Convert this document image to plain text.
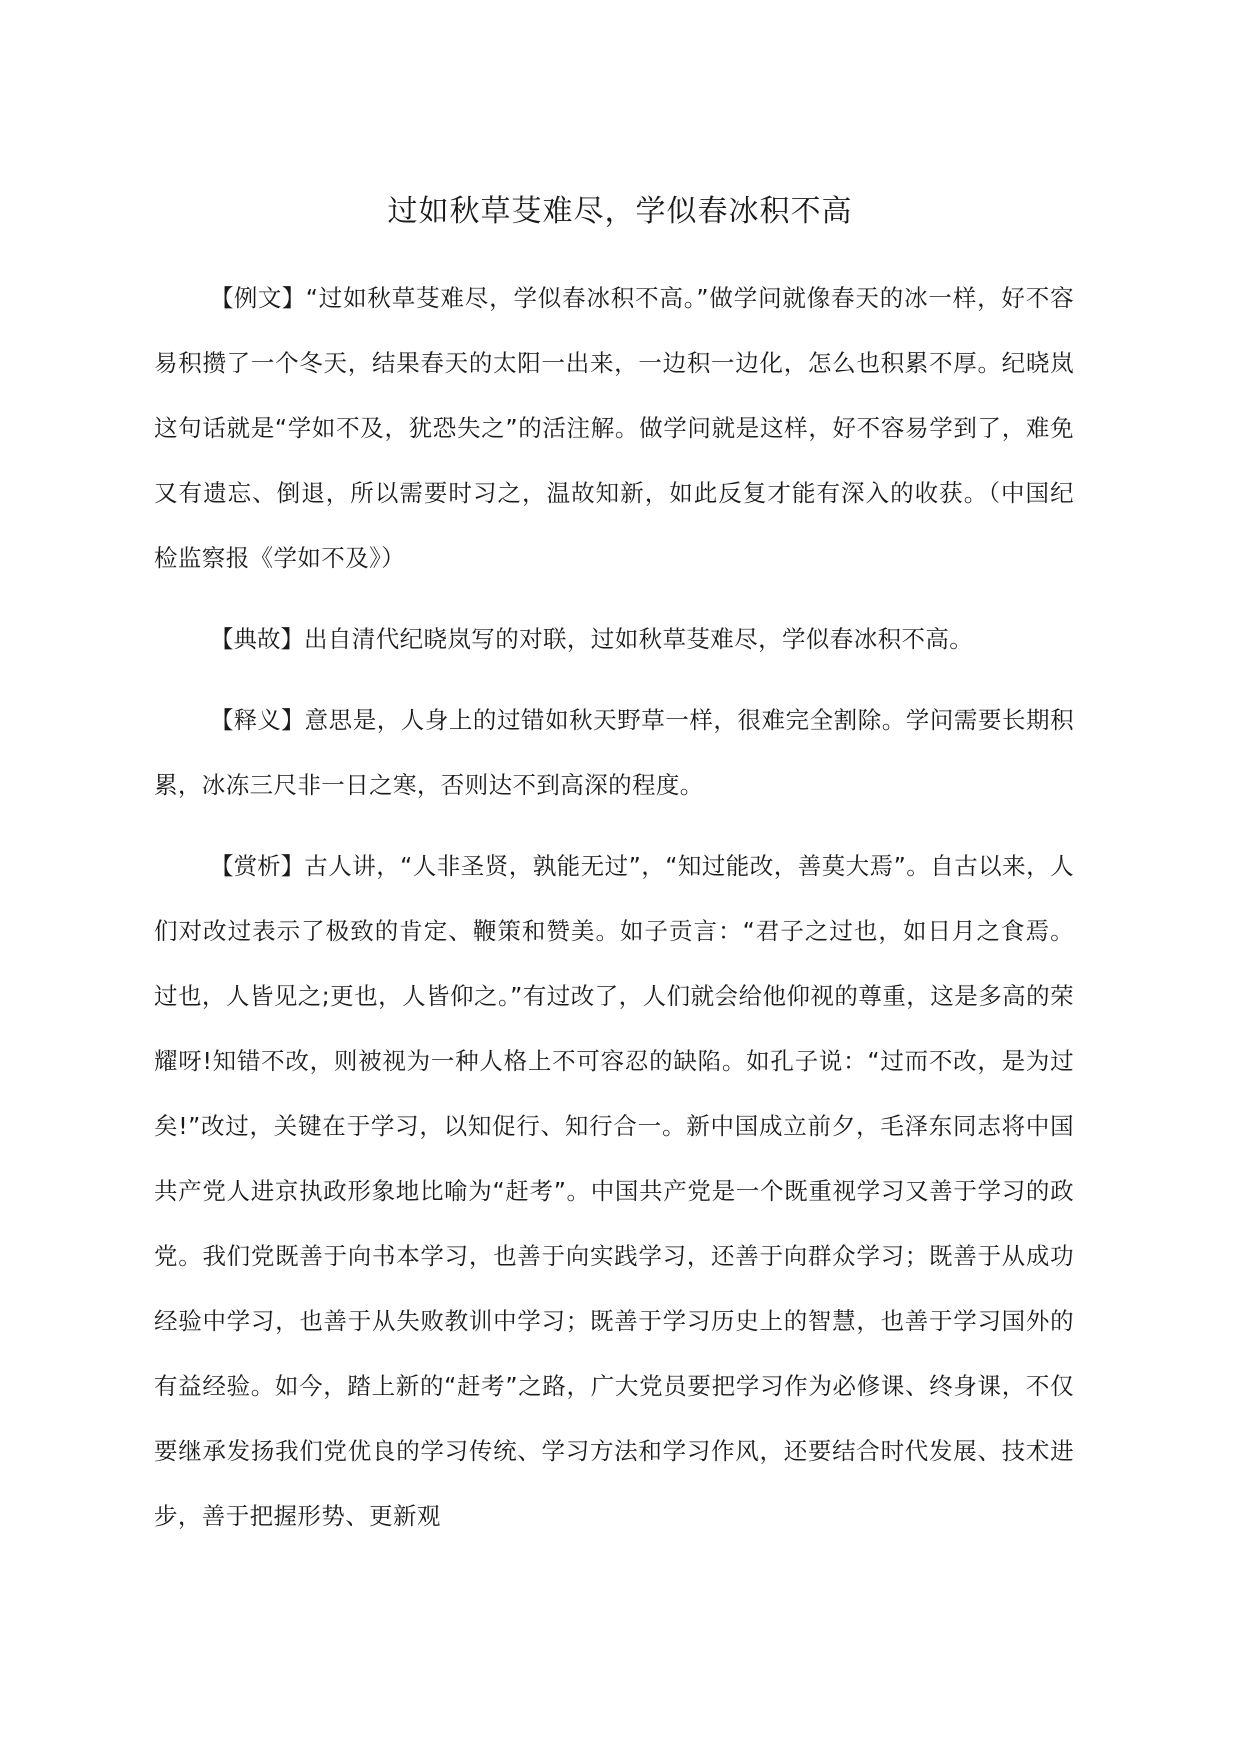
过如秋草芟难尽，学似春冰积不高

【例文】“过如秋草芟难尽，学似春冰积不高。”做学问就像春天的冰一样，好不容易积攒了一个冬天，结果春天的太阳一出来，一边积一边化，怎么也积累不厚。纪晓岚这句话就是“学如不及，犹恐失之”的活注解。做学问就是这样，好不容易学到了，难免又有遗忘、倒退，所以需要时习之，温故知新，如此反复才能有深入的收获。（中国纪检监察报《学如不及》）

【典故】出自清代纪晓岚写的对联，过如秋草芟难尽，学似春冰积不高。

【释义】意思是，人身上的过错如秋天野草一样，很难完全割除。学问需要长期积累，冰冻三尺非一日之寒，否则达不到高深的程度。

【赏析】古人讲，“人非圣贤，孰能无过”，“知过能改，善莫大焉”。自古以来，人们对改过表示了极致的肯定、鞭策和赞美。如子贡言：“君子之过也，如日月之食焉。过也，人皆见之;更也，人皆仰之。”有过改了，人们就会给他仰视的尊重，这是多高的荣耀呀!知错不改，则被视为一种人格上不可容忍的缺陷。如孔子说：“过而不改，是为过矣!”改过，关键在于学习，以知促行、知行合一。新中国成立前夕，毛泽东同志将中国共产党人进京执政形象地比喻为“赶考”。中国共产党是一个既重视学习又善于学习的政党。我们党既善于向书本学习，也善于向实践学习，还善于向群众学习；既善于从成功经验中学习，也善于从失败教训中学习；既善于学习历史上的智慧，也善于学习国外的有益经验。如今，踏上新的“赶考”之路，广大党员要把学习作为必修课、终身课，不仅要继承发扬我们党优良的学习传统、学习方法和学习作风，还要结合时代发展、技术进步，善于把握形势、更新观
